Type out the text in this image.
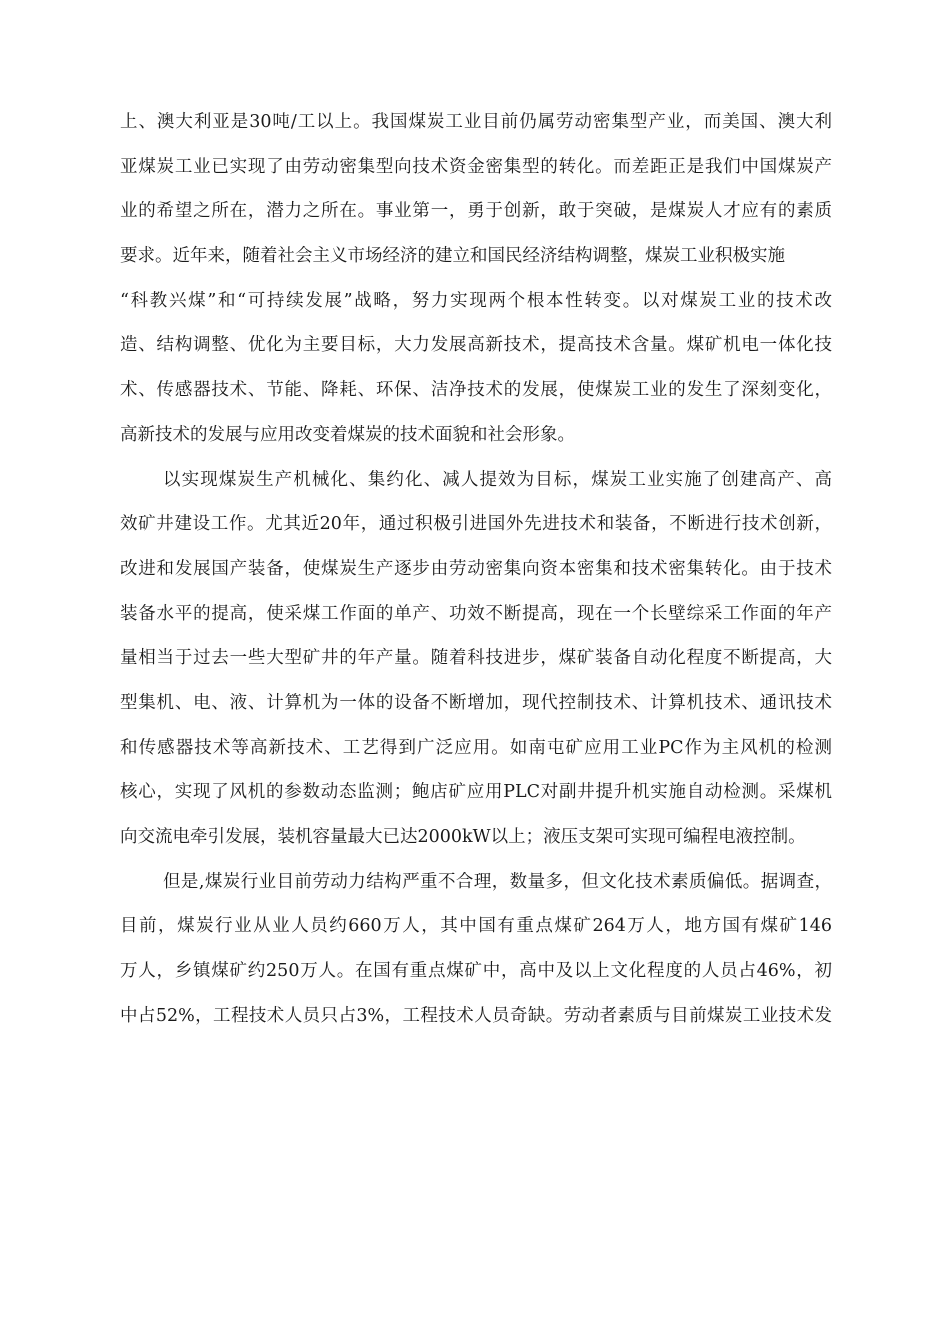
上、澳大利亚是30吨/工以上。我国煤炭工业目前仍属劳动密集型产业，而美国、澳大利
亚煤炭工业已实现了由劳动密集型向技术资金密集型的转化。而差距正是我们中国煤炭产
业的希望之所在，潜力之所在。事业第一，勇于创新，敢于突破，是煤炭人才应有的素质
要求。近年来，随着社会主义市场经济的建立和国民经济结构调整，煤炭工业积极实施
“科教兴煤”和“可持续发展”战略，努力实现两个根本性转变。以对煤炭工业的技术改
造、结构调整、优化为主要目标，大力发展高新技术，提高技术含量。煤矿机电一体化技
术、传感器技术、节能、降耗、环保、洁净技术的发展，使煤炭工业的发生了深刻变化，
高新技术的发展与应用改变着煤炭的技术面貌和社会形象。
以实现煤炭生产机械化、集约化、减人提效为目标，煤炭工业实施了创建高产、高
效矿井建设工作。尤其近20年，通过积极引进国外先进技术和装备，不断进行技术创新，
改进和发展国产装备，使煤炭生产逐步由劳动密集向资本密集和技术密集转化。由于技术
装备水平的提高，使采煤工作面的单产、功效不断提高，现在一个长壁综采工作面的年产
量相当于过去一些大型矿井的年产量。随着科技进步，煤矿装备自动化程度不断提高，大
型集机、电、液、计算机为一体的设备不断增加，现代控制技术、计算机技术、通讯技术
和传感器技术等高新技术、工艺得到广泛应用。如南屯矿应用工业PC作为主风机的检测
核心，实现了风机的参数动态监测；鲍店矿应用PLC对副井提升机实施自动检测。采煤机
向交流电牵引发展，装机容量最大已达2000kW以上；液压支架可实现可编程电液控制。
但是,煤炭行业目前劳动力结构严重不合理，数量多，但文化技术素质偏低。据调查，
目前，煤炭行业从业人员约660万人，其中国有重点煤矿264万人，地方国有煤矿146
万人，乡镇煤矿约250万人。在国有重点煤矿中，高中及以上文化程度的人员占46%，初
中占52%，工程技术人员只占3%，工程技术人员奇缺。劳动者素质与目前煤炭工业技术发
